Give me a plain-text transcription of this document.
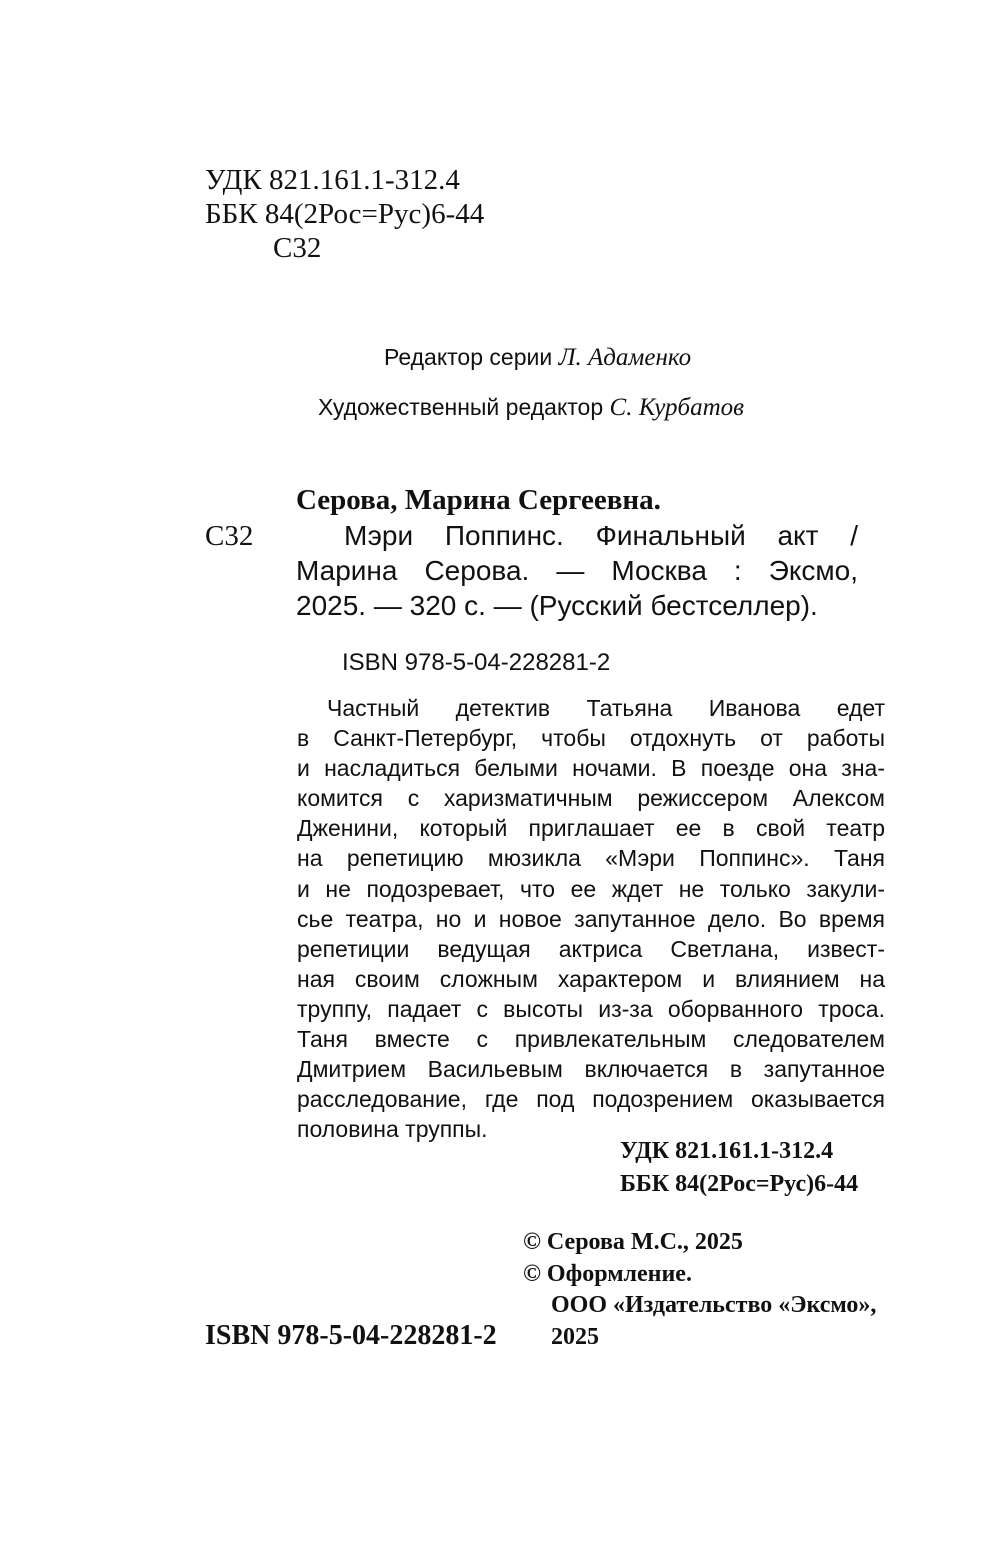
УДК 821.161.1-312.4
ББК 84(2Рос=Рус)6-44
С32
Редактор серии Л. Адаменко
Художественный редактор С. Курбатов
Серова, Марина Сергеевна.
С32	Мэри Поппинс. Финальный акт /
Марина Серова. — Москва : Эксмо,
2025. — 320 с. — (Русский бестселлер).
ISBN 978-5-04-228281-2
Частный детектив Татьяна Иванова едет
в Санкт-Петербург, чтобы отдохнуть от работы
и насладиться белыми ночами. В поезде она зна-
комится с харизматичным режиссером Алексом
Дженини, который приглашает ее в свой театр
на репетицию мюзикла «Мэри Поппинс». Таня
и не подозревает, что ее ждет не только закули-
сье театра, но и новое запутанное дело. Во время
репетиции ведущая актриса Светлана, извест-
ная своим сложным характером и влиянием на
труппу, падает с высоты из-за оборванного троса.
Таня вместе с привлекательным следователем
Дмитрием Васильевым включается в запутанное
расследование, где под подозрением оказывается
половина труппы.
УДК 821.161.1-312.4
ББК 84(2Рос=Рус)6-44
© Серова М.С., 2025
© Оформление.
ООО «Издательство «Эксмо»,
2025
ISBN 978-5-04-228281-2
